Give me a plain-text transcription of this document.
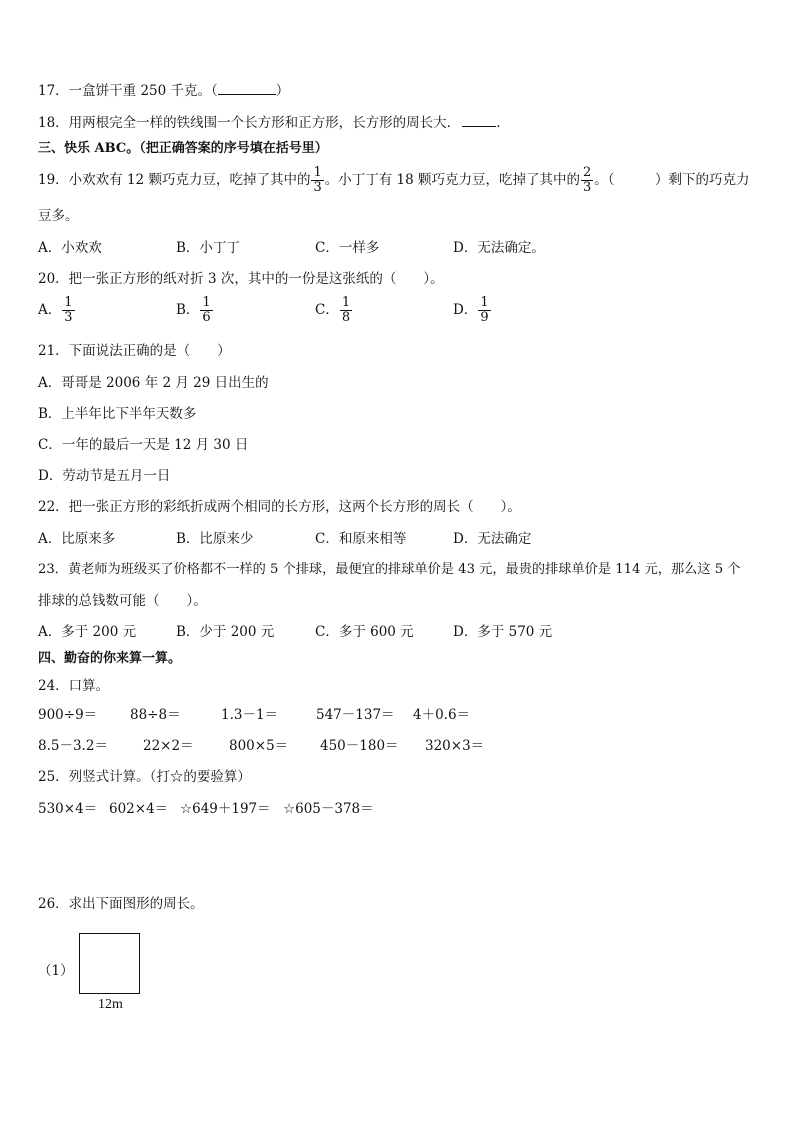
17．一盒饼干重 250 千克。（	）
18．用两根完全一样的铁线围一个长方形和正方形，长方形的周长大．	．
三、快乐 ABC。（把正确答案的序号填在括号里）
19．小欢欢有 12 颗巧克力豆，吃掉了其中的 $\frac{1}{3}$ 。小丁丁有 18 颗巧克力豆，吃掉了其中的 $\frac{2}{3}$ 。（　　　）剩下的巧克力
豆多。
A．小欢欢	B．小丁丁	C．一样多	D．无法确定。
20．把一张正方形的纸对折 3 次，其中的一份是这张纸的（　　）。
A． $\frac{1}{3}$	B． $\frac{1}{6}$	C． $\frac{1}{8}$	D． $\frac{1}{9}$
21．下面说法正确的是（　　）
A．哥哥是 2006 年 2 月 29 日出生的
B．上半年比下半年天数多
C．一年的最后一天是 12 月 30 日
D．劳动节是五月一日
22．把一张正方形的彩纸折成两个相同的长方形，这两个长方形的周长（　　）。
A．比原来多	B．比原来少	C．和原来相等	D．无法确定
23．黄老师为班级买了价格都不一样的 5 个排球，最便宜的排球单价是 43 元，最贵的排球单价是 114 元，那么这 5 个
排球的总钱数可能（　　）。
A．多于 200 元	B．少于 200 元	C．多于 600 元	D．多于 570 元
四、勤奋的你来算一算。
24．口算。
900÷9＝ 88÷8＝	1.3－1＝	547－137＝ 4＋0.6＝
8.5－3.2＝	22×2＝	800×5＝ 450－180＝ 320×3＝
25．列竖式计算。（打☆的要验算）
530×4＝ 602×4＝ ☆649＋197＝ ☆605－378＝
26．求出下面图形的周长。
（1）
12m
